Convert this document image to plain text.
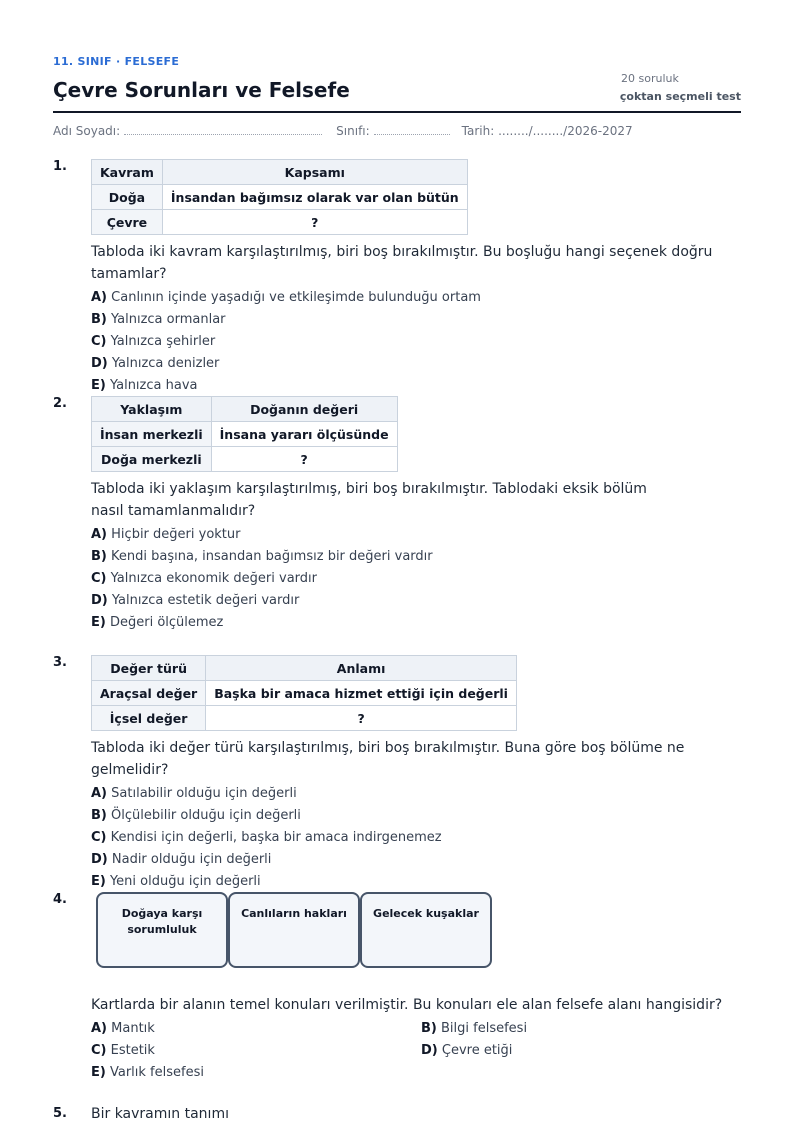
11. SINIF · FELSEFE
Çevre Sorunları ve Felsefe	20 soruluk
çoktan seçmeli test
Adı Soyadı:	Sınıfı:	Tarih: ......../......../2026-2027
1.	Kavram	Kapsamı
Doğa	İnsandan bağımsız olarak var olan bütün
Çevre	?
Tabloda iki kavram karşılaştırılmış, biri boş bırakılmıştır. Bu boşluğu hangi seçenek doğru tamamlar?
A) Canlının içinde yaşadığı ve etkileşimde bulunduğu ortam
B) Yalnızca ormanlar
C) Yalnızca şehirler
D) Yalnızca denizler
E) Yalnızca hava
2.	Yaklaşım	Doğanın değeri
İnsan merkezli	İnsana yararı ölçüsünde
Doğa merkezli	?
Tabloda iki yaklaşım karşılaştırılmış, biri boş bırakılmıştır. Tablodaki eksik bölüm nasıl tamamlanmalıdır?
A) Hiçbir değeri yoktur
B) Kendi başına, insandan bağımsız bir değeri vardır
C) Yalnızca ekonomik değeri vardır
D) Yalnızca estetik değeri vardır
E) Değeri ölçülemez
3.	Değer türü	Anlamı
Araçsal değer	Başka bir amaca hizmet ettiği için değerli
İçsel değer	?
Tabloda iki değer türü karşılaştırılmış, biri boş bırakılmıştır. Buna göre boş bölüme ne gelmelidir?
A) Satılabilir olduğu için değerli
B) Ölçülebilir olduğu için değerli
C) Kendisi için değerli, başka bir amaca indirgenemez
D) Nadir olduğu için değerli
E) Yeni olduğu için değerli
4.
Doğaya karşı sorumluluk
Canlıların hakları	Gelecek kuşaklar
Kartlarda bir alanın temel konuları verilmiştir. Bu konuları ele alan felsefe alanı hangisidir?
A) Mantık	B) Bilgi felsefesi
C) Estetik	D) Çevre etiği
E) Varlık felsefesi
5. Bir kavramın tanımı
